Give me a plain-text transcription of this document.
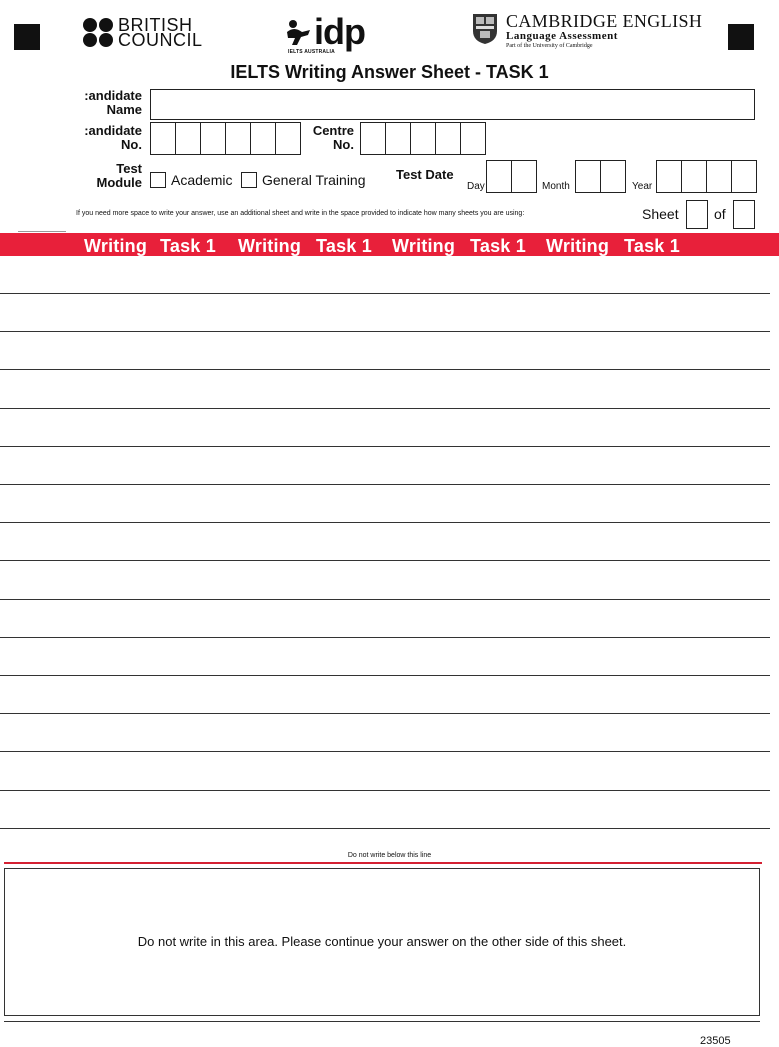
BRITISH
COUNCIL	idp
IELTS AUSTRALIA
CAMBRIDGE ENGLISH
Language Assessment
Part of the University of Cambridge
IELTS Writing Answer Sheet - TASK 1
:andidate
Name
:andidate
No.
Centre
No.
Test
Module Academic General Training Test Date
Day	Month	Year
If you need more space to write your answer, use an additional sheet and write in the space provided to indicate how many sheets you are using:	Sheet	of
Writing Task 1 Writing Task 1 Writing Task 1 Writing Task 1
Do not write below this line
Do not write in this area. Please continue your answer on the other side of this sheet.
23505
